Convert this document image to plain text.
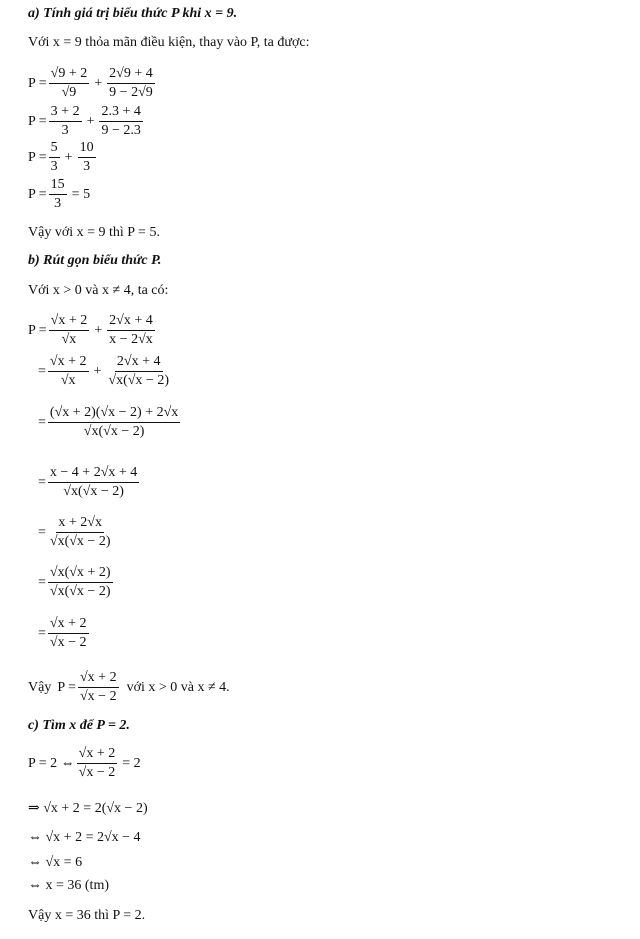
a) Tính giá trị biểu thức P khi x = 9.
Với x = 9 thỏa mãn điều kiện, thay vào P, ta được:
$P = \frac{√9 + 2}{√9} + \frac{2√9 + 4}{9 - 2√9}$
$P = \frac{3 + 2}{3} + \frac{2.3 + 4}{9 - 2.3}$
$P = \frac{5}{3} + \frac{10}{3}$
$P = \frac{15}{3} = 5$
Vậy với x = 9 thì P = 5.
b) Rút gọn biểu thức P.
Với x > 0 và x ≠ 4, ta có:
$P = \frac{√x + 2}{√x} + \frac{2√x + 4}{x - 2√x}$
= $\frac{√x + 2}{√x} + \frac{2√x + 4}{√x(√x - 2)}$
= $\frac{(√x + 2)(√x - 2) + 2√x}{√x(√x - 2)}$
= $\frac{x - 4 + 2√x + 4}{√x(√x - 2)}$
= $\frac{x + 2√x}{√x(√x - 2)}$
= $\frac{√x(√x + 2)}{√x(√x - 2)}$
= $\frac{√x + 2}{√x - 2}$
Vậy $P = \frac{√x + 2}{√x - 2}$ với x > 0 và x ≠ 4.
c) Tìm x để P = 2.
P = 2 ⇔ $\frac{√x + 2}{√x - 2} = 2$
⇒ √x + 2 = 2(√x − 2)
⇔ √x + 2 = 2√x − 4
⇔ √x = 6
⇔ x = 36 (tm)
Vậy x = 36 thì P = 2.
